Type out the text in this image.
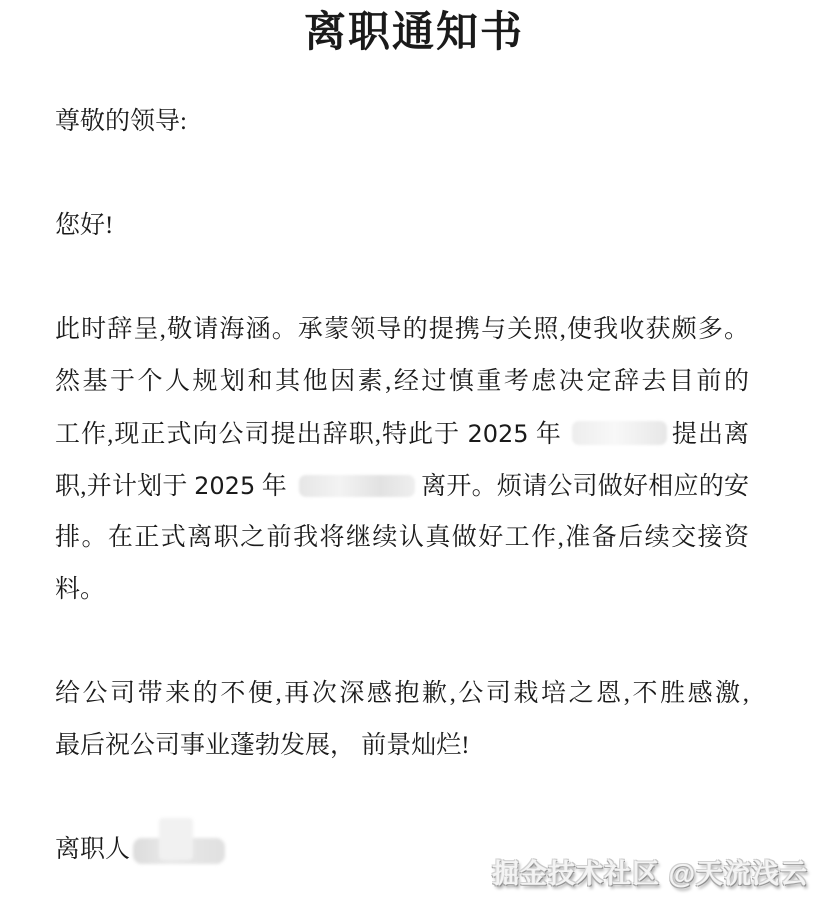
离职通知书
尊敬的领导:
您好!
此时辞呈,敬请海涵。承蒙领导的提携与关照,使我收获颇多。
然基于个人规划和其他因素,经过慎重考虑决定辞去目前的
工作,现正式向公司提出辞职,特此于 2025 年	提出离
职,并计划于 2025 年	离开。烦请公司做好相应的安
排。在正式离职之前我将继续认真做好工作,准备后续交接资
料。
给公司带来的不便,再次深感抱歉,公司栽培之恩,不胜感激,
最后祝公司事业蓬勃发展， 前景灿烂!
离职人
掘金技术社区 @天流浅云
